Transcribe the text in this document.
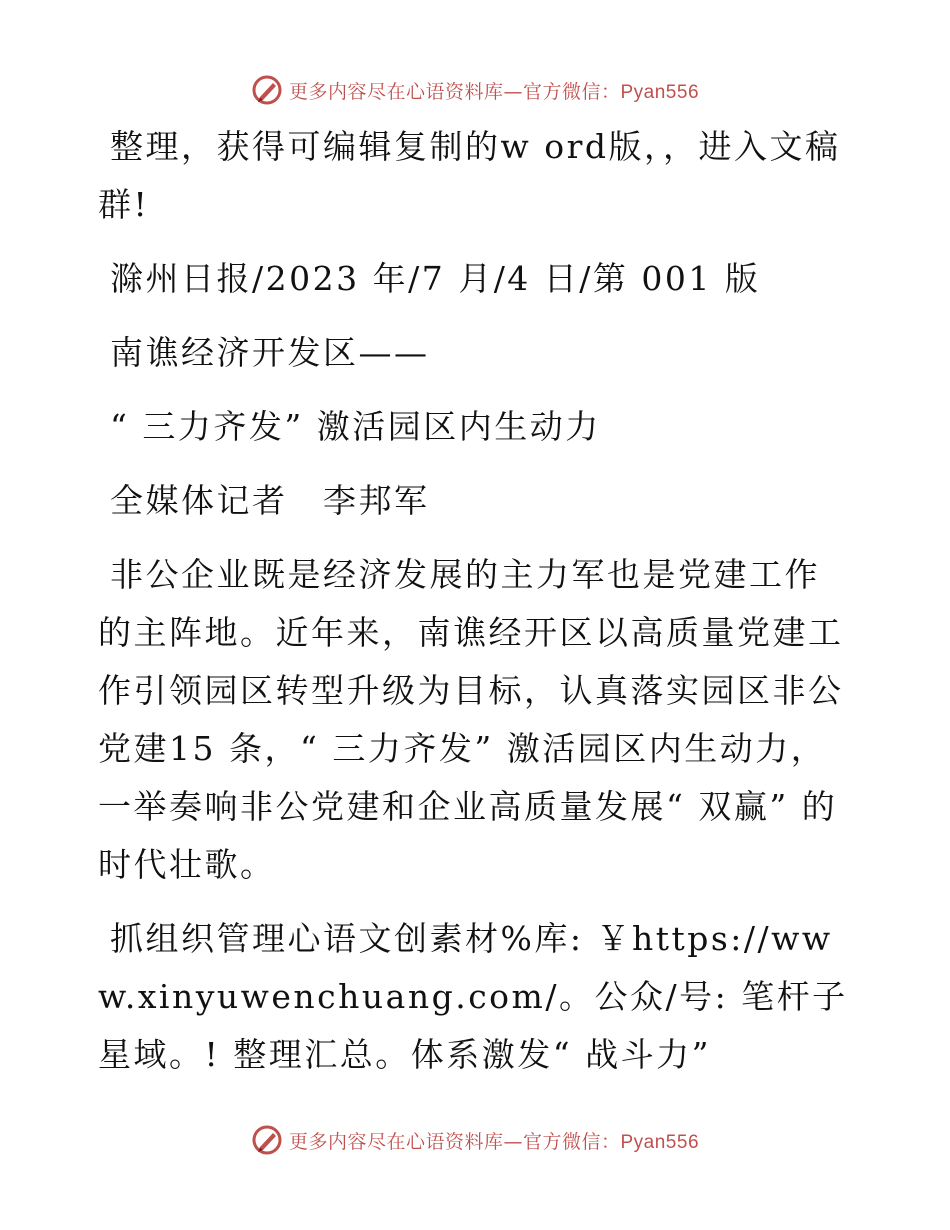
更多内容尽在心语资料库—官方微信：Pyan556

整理，获得可编辑复制的w ord版，，进入文稿群!

滁州日报/2023 年/7 月/4 日/第 001 版

南谯经济开发区——

“ 三力齐发” 激活园区内生动力

全媒体记者　李邦军

非公企业既是经济发展的主力军也是党建工作的主阵地。近年来，南谯经开区以高质量党建工作引领园区转型升级为目标，认真落实园区非公党建15 条，“ 三力齐发” 激活园区内生动力，一举奏响非公党建和企业高质量发展“ 双赢” 的时代壮歌。

抓组织管理心语文创素材%库: ￥https://www.xinyuwenchuang.com/。公众/号: 笔杆子星域。! 整理汇总。体系激发“ 战斗力”

更多内容尽在心语资料库—官方微信：Pyan556
